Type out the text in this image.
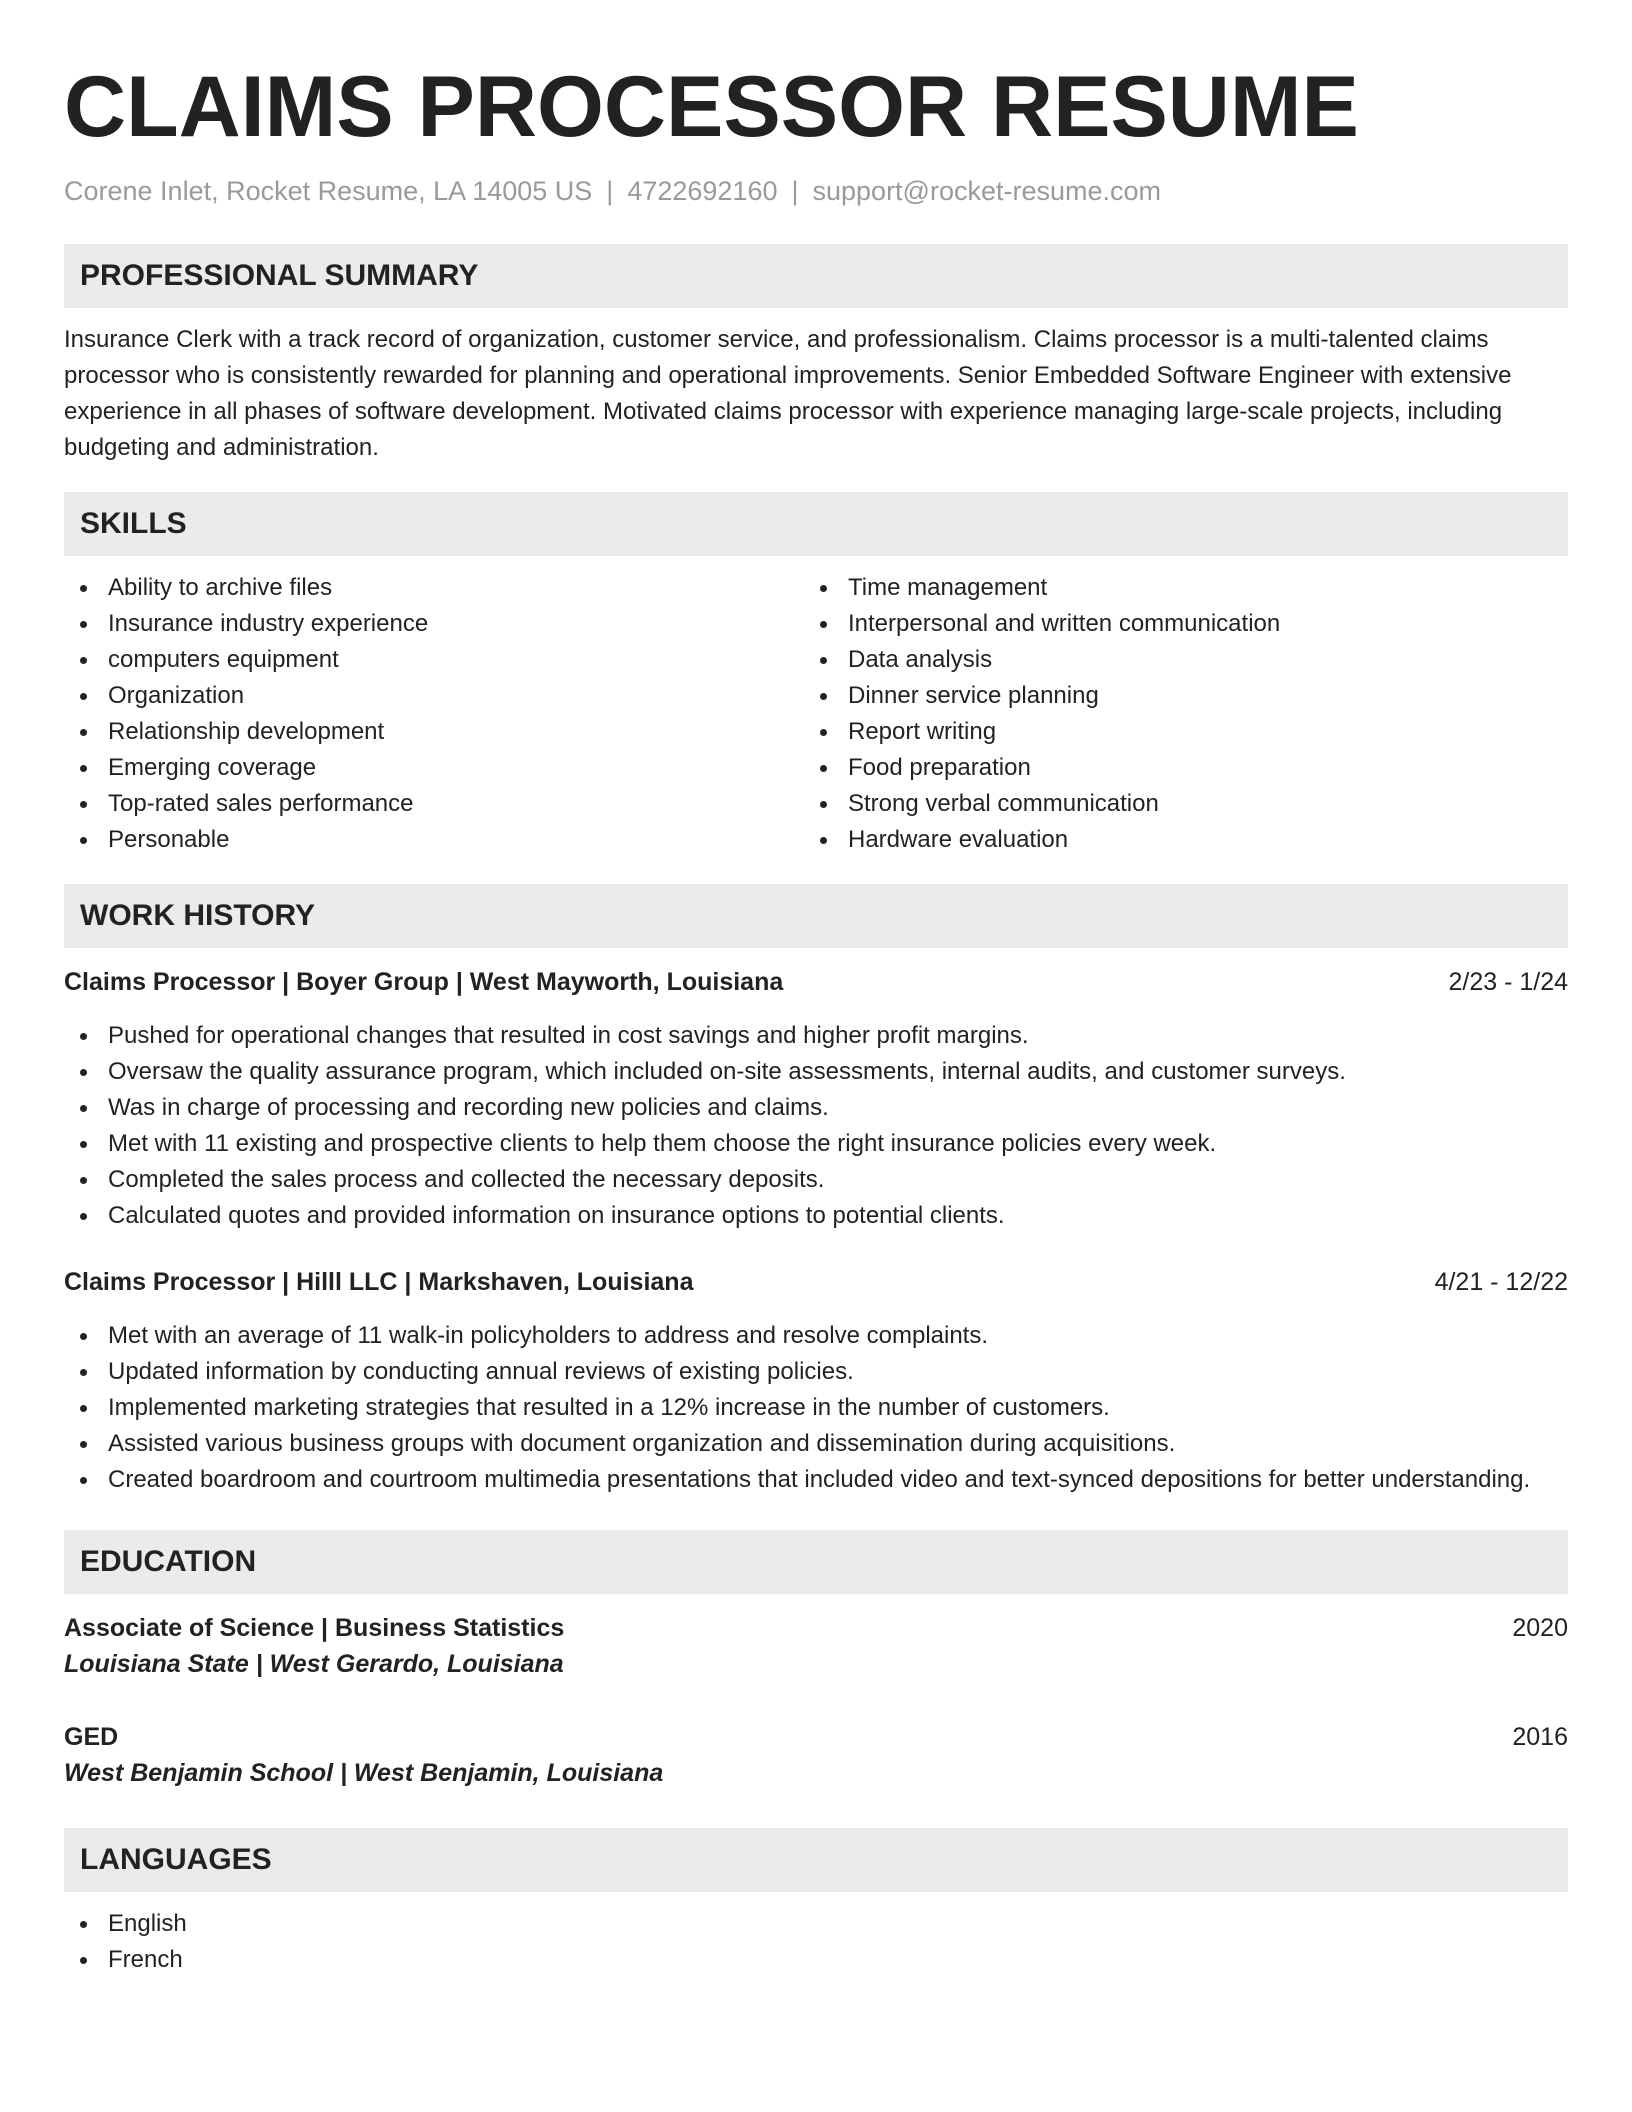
CLAIMS PROCESSOR RESUME
Corene Inlet, Rocket Resume, LA 14005 US | 4722692160 | support@rocket-resume.com
PROFESSIONAL SUMMARY
Insurance Clerk with a track record of organization, customer service, and professionalism. Claims processor is a multi-talented claims processor who is consistently rewarded for planning and operational improvements. Senior Embedded Software Engineer with extensive experience in all phases of software development. Motivated claims processor with experience managing large-scale projects, including budgeting and administration.
SKILLS
Ability to archive files
Insurance industry experience
computers equipment
Organization
Relationship development
Emerging coverage
Top-rated sales performance
Personable
Time management
Interpersonal and written communication
Data analysis
Dinner service planning
Report writing
Food preparation
Strong verbal communication
Hardware evaluation
WORK HISTORY
Claims Processor | Boyer Group | West Mayworth, Louisiana	2/23 - 1/24
Pushed for operational changes that resulted in cost savings and higher profit margins.
Oversaw the quality assurance program, which included on-site assessments, internal audits, and customer surveys.
Was in charge of processing and recording new policies and claims.
Met with 11 existing and prospective clients to help them choose the right insurance policies every week.
Completed the sales process and collected the necessary deposits.
Calculated quotes and provided information on insurance options to potential clients.
Claims Processor | Hilll LLC | Markshaven, Louisiana	4/21 - 12/22
Met with an average of 11 walk-in policyholders to address and resolve complaints.
Updated information by conducting annual reviews of existing policies.
Implemented marketing strategies that resulted in a 12% increase in the number of customers.
Assisted various business groups with document organization and dissemination during acquisitions.
Created boardroom and courtroom multimedia presentations that included video and text-synced depositions for better understanding.
EDUCATION
Associate of Science | Business Statistics	2020
Louisiana State | West Gerardo, Louisiana
GED	2016
West Benjamin School | West Benjamin, Louisiana
LANGUAGES
English
French
